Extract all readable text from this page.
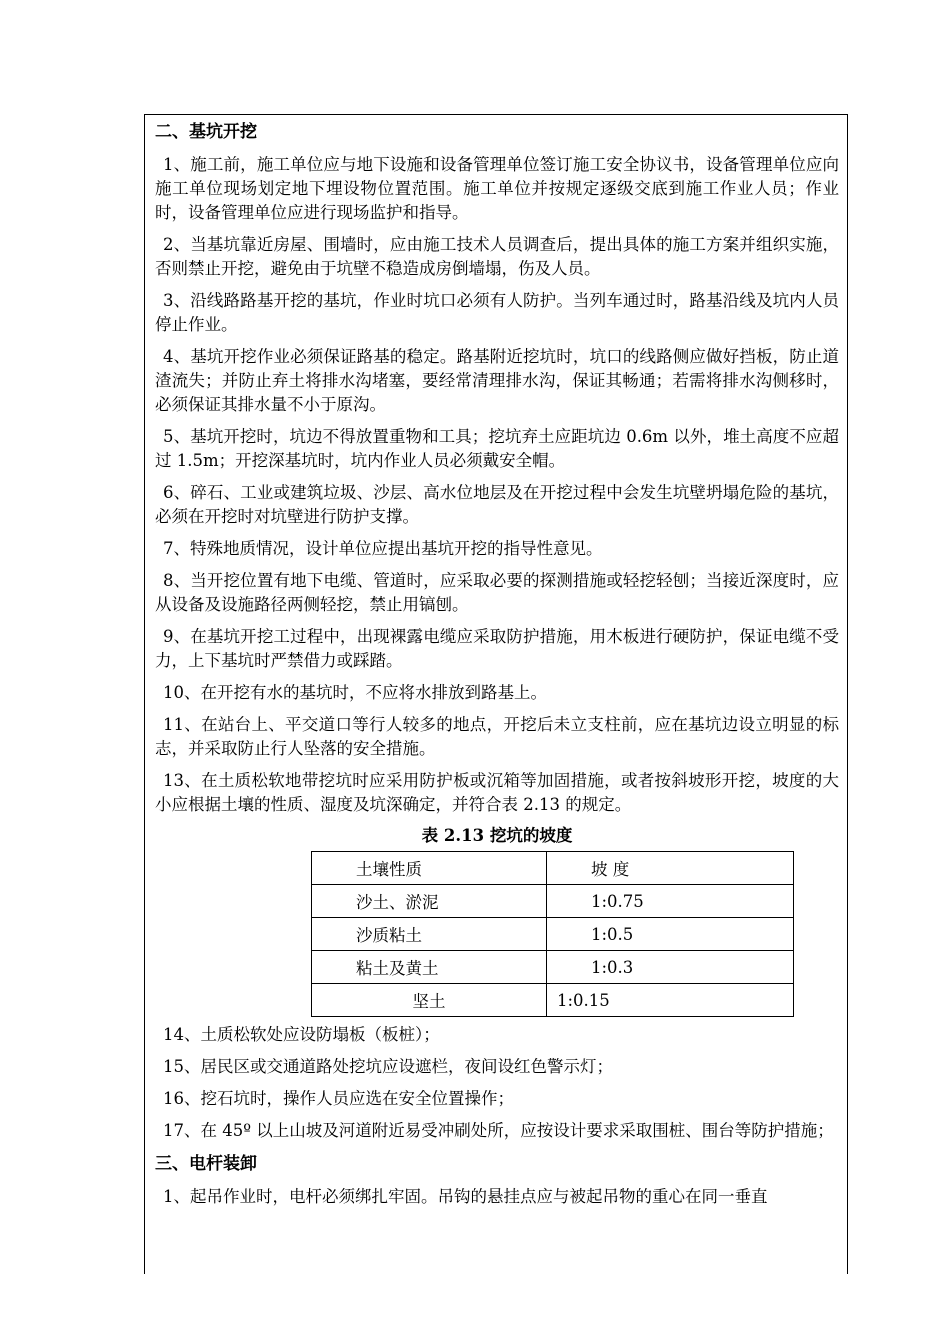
二、基坑开挖

1、施工前，施工单位应与地下设施和设备管理单位签订施工安全协议书，设备管理单位应向施工单位现场划定地下埋设物位置范围。施工单位并按规定逐级交底到施工作业人员；作业时，设备管理单位应进行现场监护和指导。

2、当基坑靠近房屋、围墙时，应由施工技术人员调查后，提出具体的施工方案并组织实施，否则禁止开挖，避免由于坑壁不稳造成房倒墙塌，伤及人员。

3、沿线路路基开挖的基坑，作业时坑口必须有人防护。当列车通过时，路基沿线及坑内人员停止作业。

4、基坑开挖作业必须保证路基的稳定。路基附近挖坑时，坑口的线路侧应做好挡板，防止道渣流失；并防止弃土将排水沟堵塞，要经常清理排水沟，保证其畅通；若需将排水沟侧移时，必须保证其排水量不小于原沟。

5、基坑开挖时，坑边不得放置重物和工具；挖坑弃土应距坑边 0.6m 以外，堆土高度不应超过 1.5m；开挖深基坑时，坑内作业人员必须戴安全帽。

6、碎石、工业或建筑垃圾、沙层、高水位地层及在开挖过程中会发生坑壁坍塌危险的基坑，必须在开挖时对坑壁进行防护支撑。

7、特殊地质情况，设计单位应提出基坑开挖的指导性意见。

8、当开挖位置有地下电缆、管道时，应采取必要的探测措施或轻挖轻刨；当接近深度时，应从设备及设施路径两侧轻挖，禁止用镐刨。

9、在基坑开挖工过程中，出现裸露电缆应采取防护措施，用木板进行硬防护，保证电缆不受力，上下基坑时严禁借力或踩踏。

10、在开挖有水的基坑时，不应将水排放到路基上。

11、在站台上、平交道口等行人较多的地点，开挖后未立支柱前，应在基坑边设立明显的标志，并采取防止行人坠落的安全措施。

13、在土质松软地带挖坑时应采用防护板或沉箱等加固措施，或者按斜坡形开挖，坡度的大小应根据土壤的性质、湿度及坑深确定，并符合表 2.13 的规定。

表 2.13 挖坑的坡度
土壤性质	坡 度
沙土、淤泥	1:0.75
沙质粘土	1:0.5
粘土及黄土	1:0.3
坚土	1:0.15

14、土质松软处应设防塌板（板桩）；

15、居民区或交通道路处挖坑应设遮栏，夜间设红色警示灯；

16、挖石坑时，操作人员应选在安全位置操作；

17、在 45º 以上山坡及河道附近易受冲刷处所，应按设计要求采取围桩、围台等防护措施；

三、电杆装卸

1、起吊作业时，电杆必须绑扎牢固。吊钩的悬挂点应与被起吊物的重心在同一垂直
